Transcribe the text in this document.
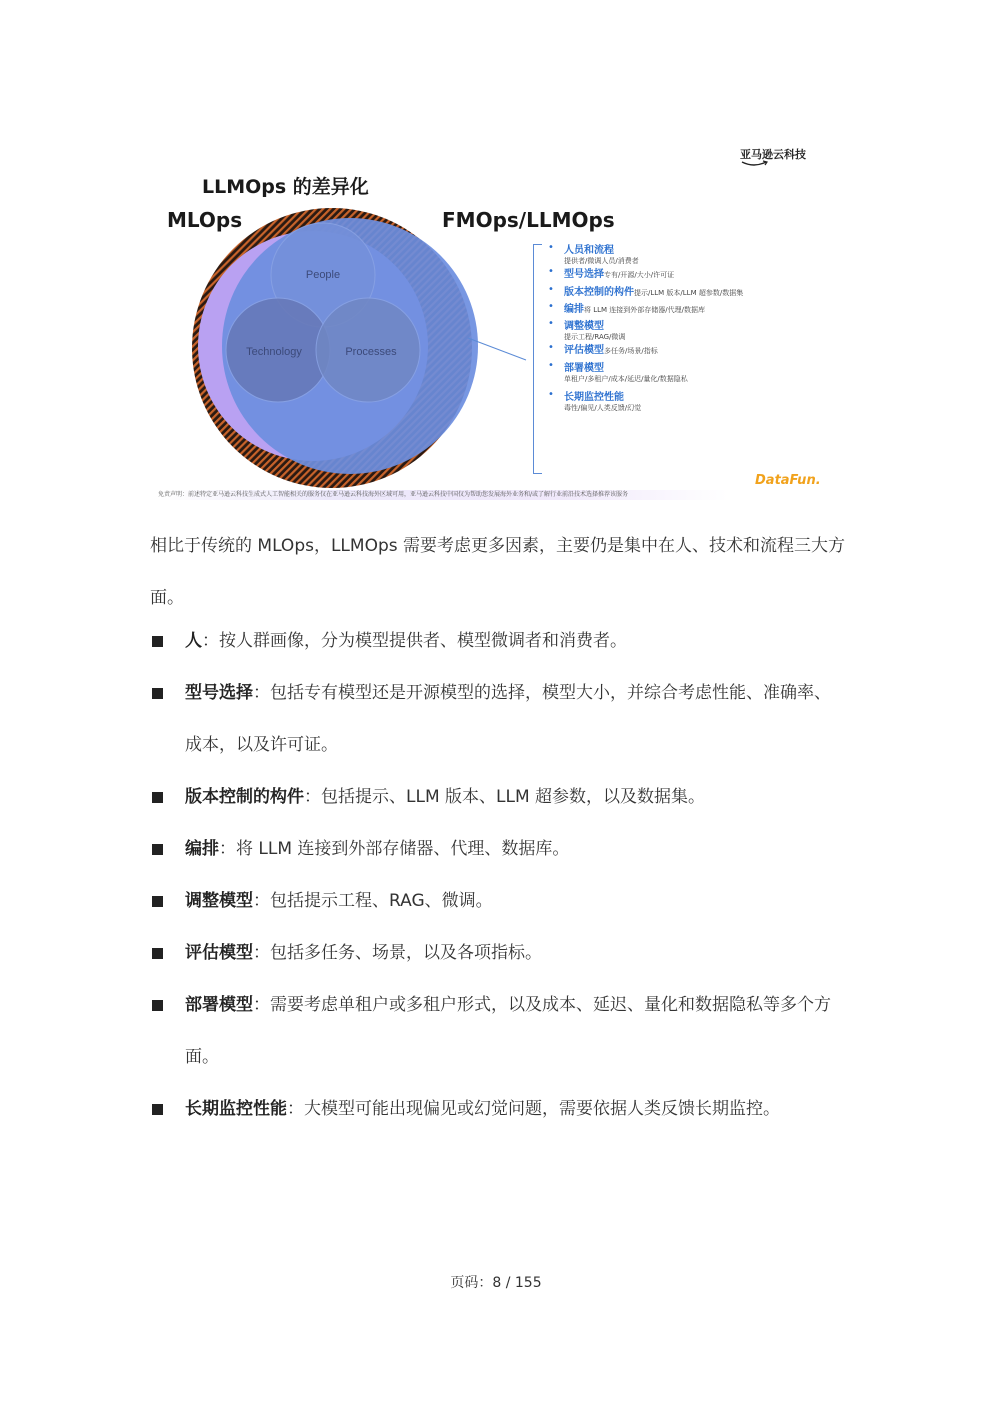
People
Technology	Processes
LLMOps 的差异化
MLOps	FMOps/LLMOps
亚马逊云科技
• 人员和流程
提供者/微调人员/消费者
• 型号选择专有/开源/大小/许可证
• 版本控制的构件提示/LLM 版本/LLM 超参数/数据集
• 编排将 LLM 连接到外部存储器/代理/数据库
• 调整模型
提示工程/RAG/微调
• 评估模型多任务/场景/指标
• 部署模型
单租户/多租户/成本/延迟/量化/数据隐私
• 长期监控性能
毒性/偏见/人类反馈/幻觉
DataFun.
免责声明：前述特定亚马逊云科技生成式人工智能相关的服务仅在亚马逊云科技海外区域可用，亚马逊云科技中国仅为帮助您发展海外业务和/或了解行业前沿技术选择推荐该服务

相比于传统的 MLOps，LLMOps 需要考虑更多因素，主要仍是集中在人、技术和流程三大方面。

人：按人群画像，分为模型提供者、模型微调者和消费者。
型号选择：包括专有模型还是开源模型的选择，模型大小，并综合考虑性能、准确率、成本，以及许可证。
版本控制的构件：包括提示、LLM 版本、LLM 超参数，以及数据集。
编排：将 LLM 连接到外部存储器、代理、数据库。
调整模型：包括提示工程、RAG、微调。
评估模型：包括多任务、场景，以及各项指标。
部署模型：需要考虑单租户或多租户形式，以及成本、延迟、量化和数据隐私等多个方面。
长期监控性能：大模型可能出现偏见或幻觉问题，需要依据人类反馈长期监控。
页码：8 / 155
